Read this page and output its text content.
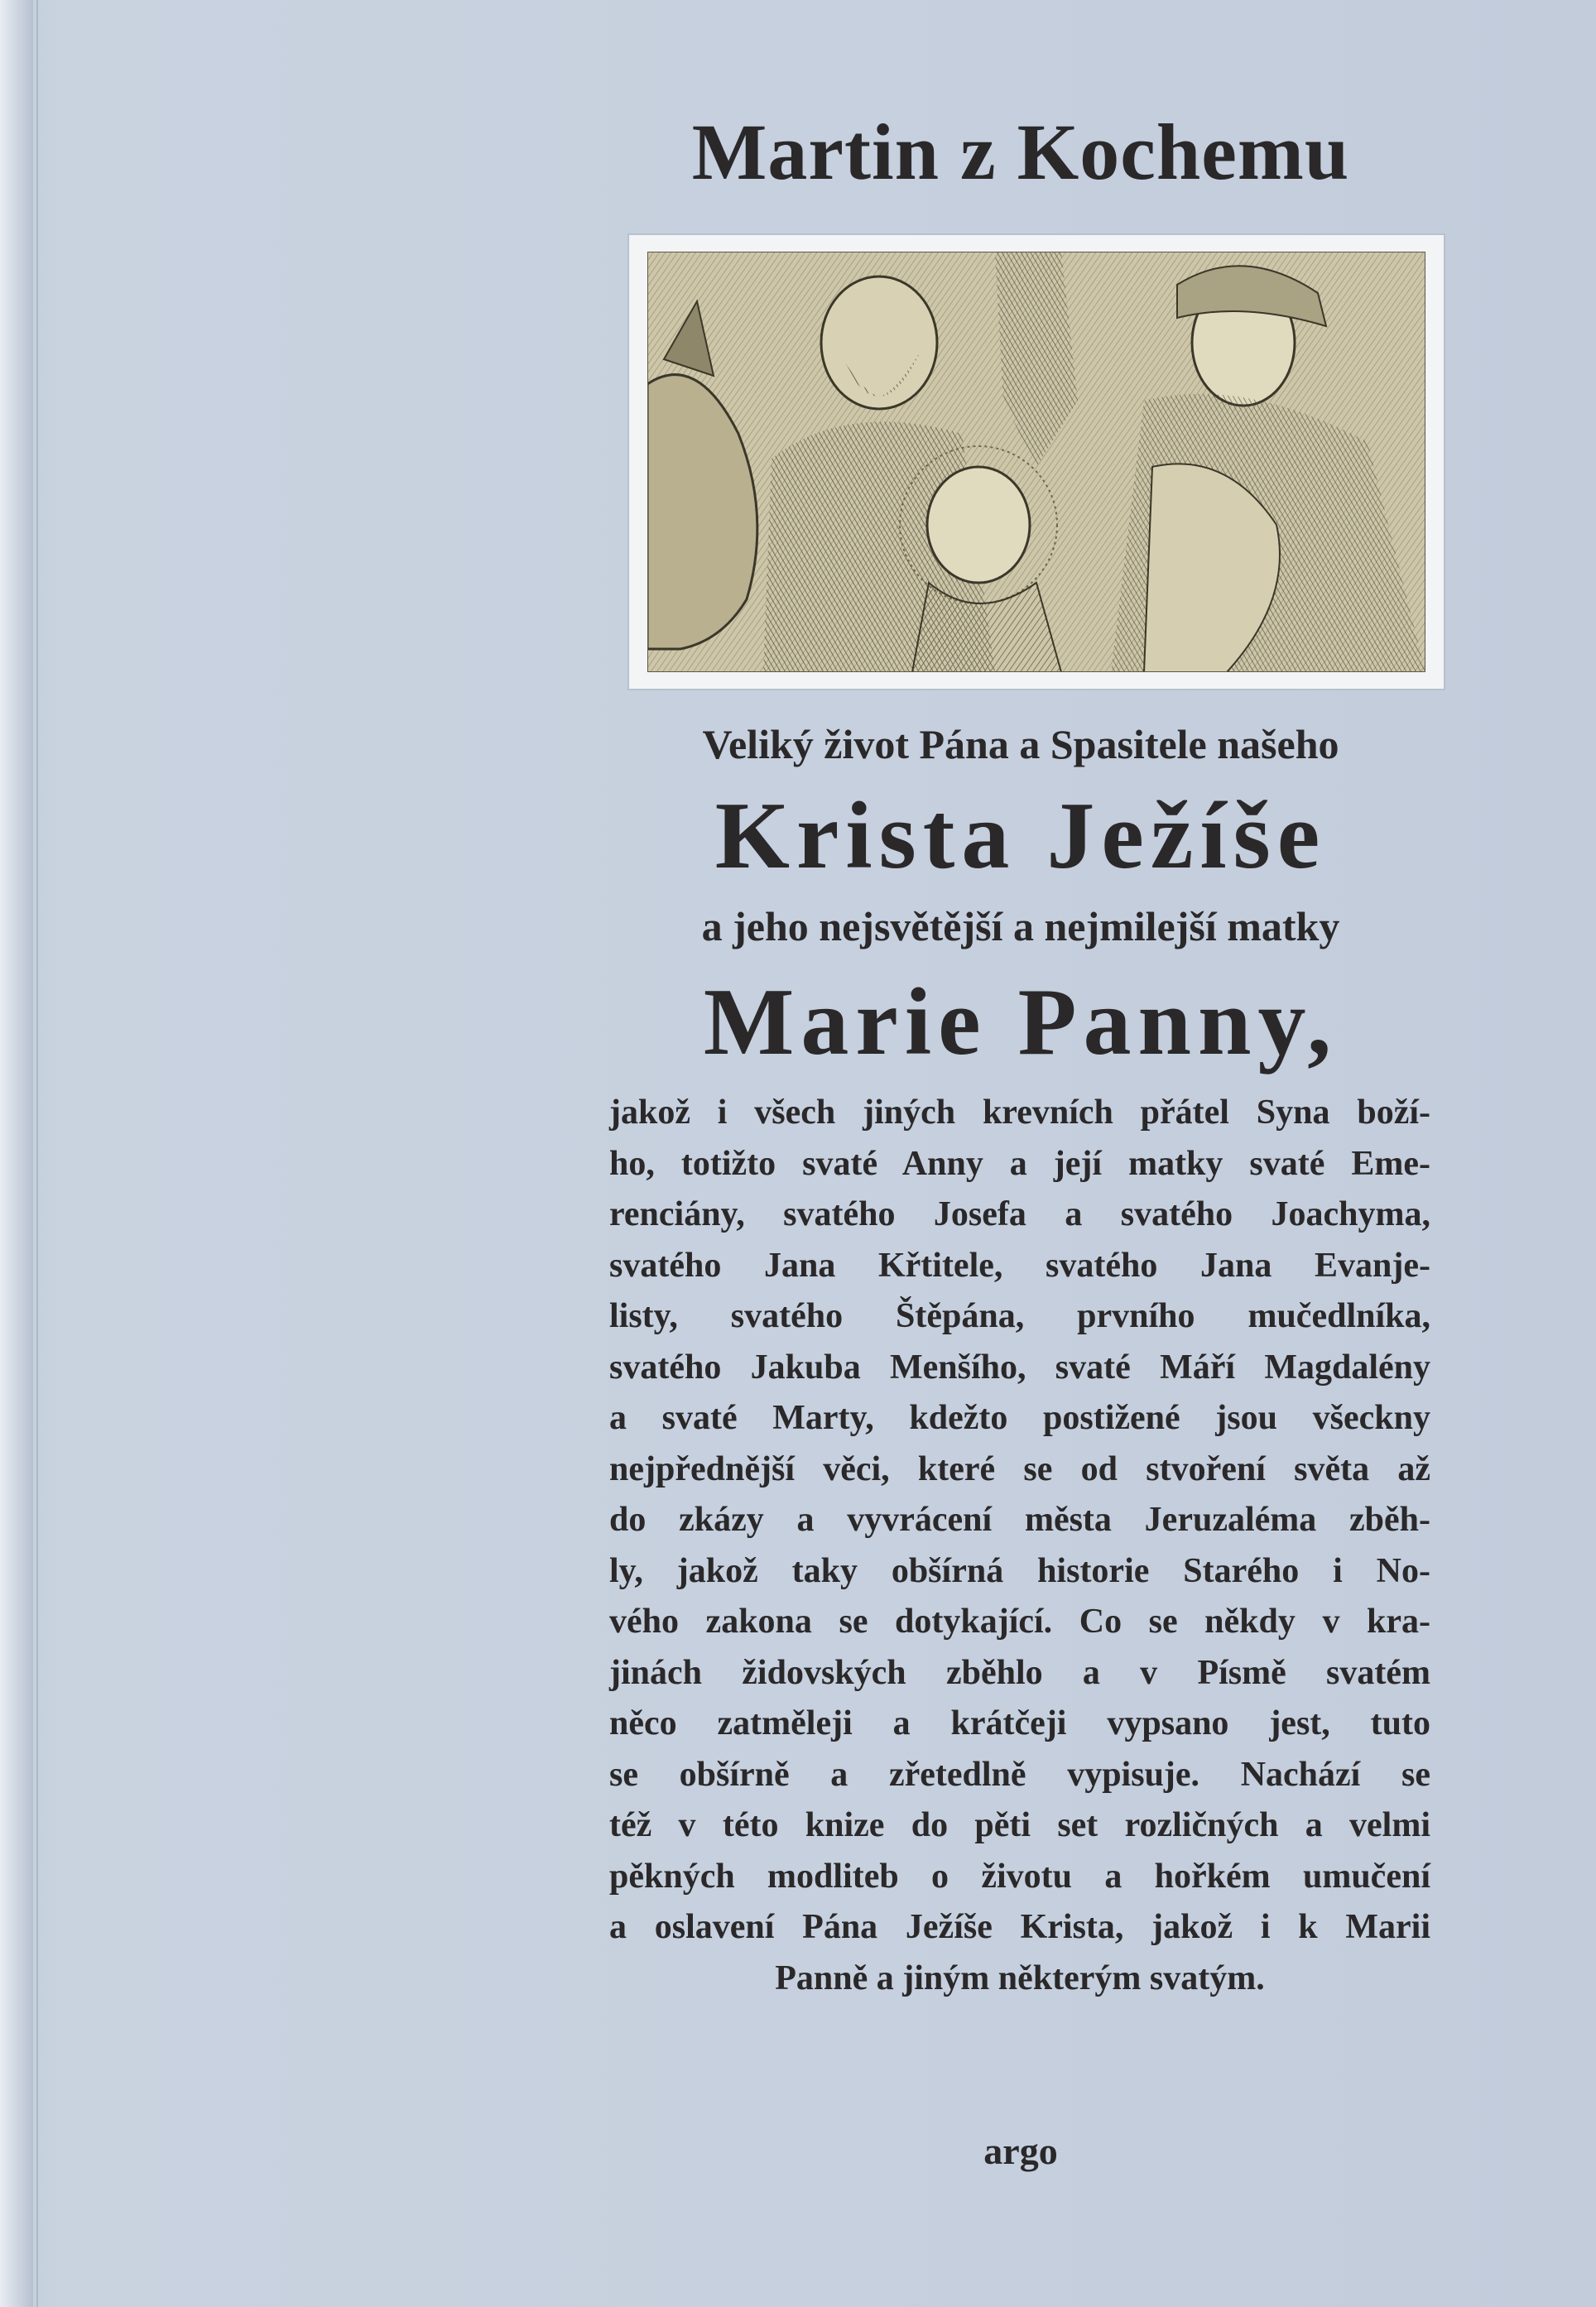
Martin z Kochemu
Veliký život Pána a Spasitele našeho
Krista Ježíše
a jeho nejsvětější a nejmilejší matky
Marie Panny,
jakož i všech jiných krevních přátel Syna boží-
ho, totižto svaté Anny a její matky svaté Eme-
renciány, svatého Josefa a svatého Joachyma,
svatého Jana Křtitele, svatého Jana Evanje-
listy, svatého Štěpána, prvního mučedlníka,
svatého Jakuba Menšího, svaté Máří Magdalény
a svaté Marty, kdežto postižené jsou všeckny
nejpřednější věci, které se od stvoření světa až
do zkázy a vyvrácení města Jeruzaléma zběh-
ly, jakož taky obšírná historie Starého i No-
vého zakona se dotykající. Co se někdy v kra-
jinách židovských zběhlo a v Písmě svatém
něco zatměleji a krátčeji vypsano jest, tuto
se obšírně a zřetedlně vypisuje. Nachází se
též v této knize do pěti set rozličných a velmi
pěkných modliteb o životu a hořkém umučení
a oslavení Pána Ježíše Krista, jakož i k Marii
Panně a jiným některým svatým.
argo
